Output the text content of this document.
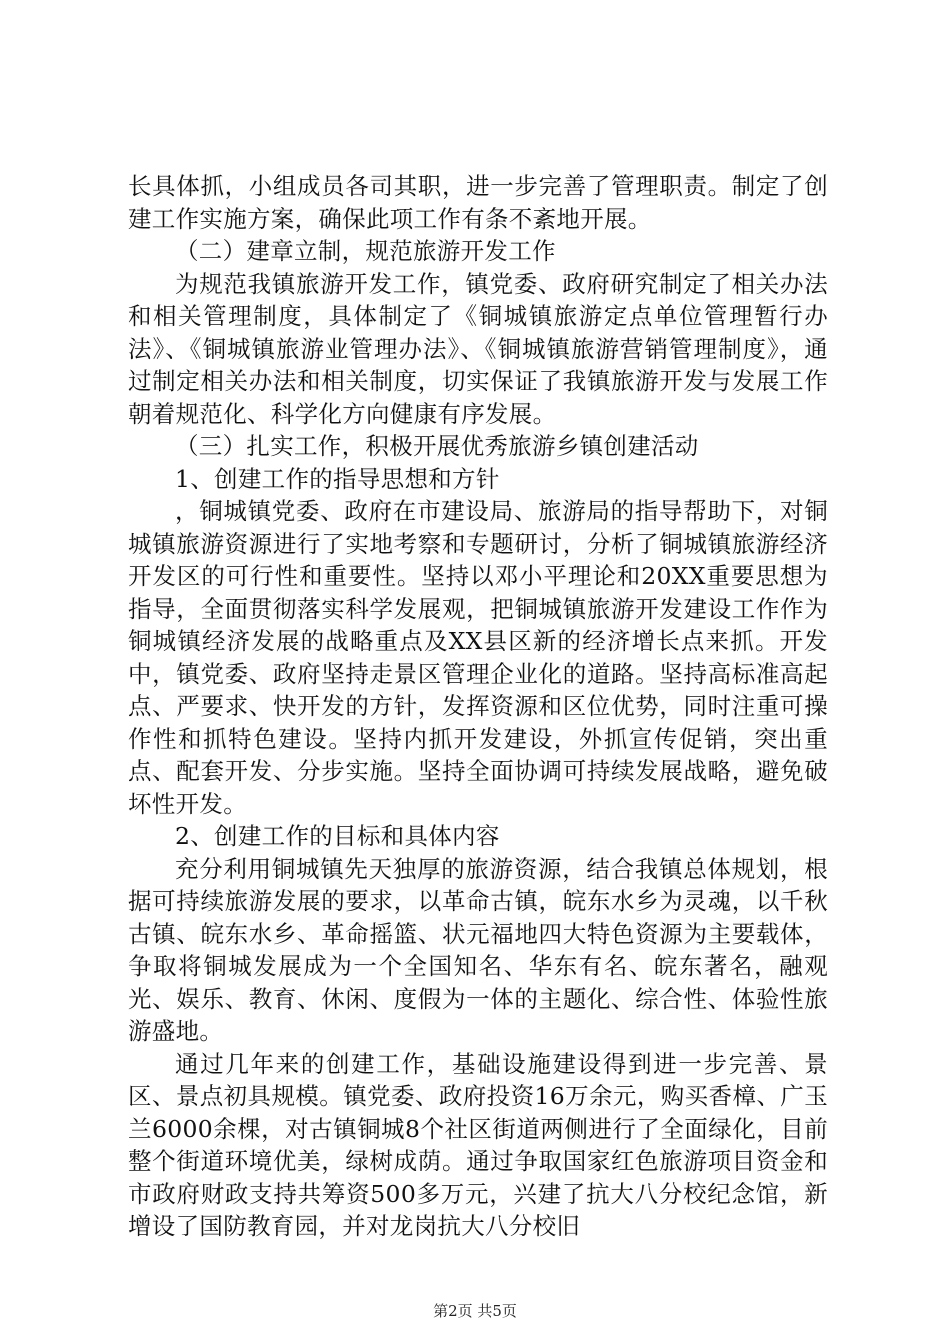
长具体抓，小组成员各司其职，进一步完善了管理职责。制定了创建工作实施方案，确保此项工作有条不紊地开展。

（二）建章立制，规范旅游开发工作

为规范我镇旅游开发工作，镇党委、政府研究制定了相关办法和相关管理制度，具体制定了《铜城镇旅游定点单位管理暂行办法》、《铜城镇旅游业管理办法》、《铜城镇旅游营销管理制度》，通过制定相关办法和相关制度，切实保证了我镇旅游开发与发展工作朝着规范化、科学化方向健康有序发展。

（三）扎实工作，积极开展优秀旅游乡镇创建活动

1、创建工作的指导思想和方针

，铜城镇党委、政府在市建设局、旅游局的指导帮助下，对铜城镇旅游资源进行了实地考察和专题研讨，分析了铜城镇旅游经济开发区的可行性和重要性。坚持以邓小平理论和20XX重要思想为指导，全面贯彻落实科学发展观，把铜城镇旅游开发建设工作作为铜城镇经济发展的战略重点及XX县区新的经济增长点来抓。开发中，镇党委、政府坚持走景区管理企业化的道路。坚持高标准高起点、严要求、快开发的方针，发挥资源和区位优势，同时注重可操作性和抓特色建设。坚持内抓开发建设，外抓宣传促销，突出重点、配套开发、分步实施。坚持全面协调可持续发展战略，避免破坏性开发。

2、创建工作的目标和具体内容

充分利用铜城镇先天独厚的旅游资源，结合我镇总体规划，根据可持续旅游发展的要求，以革命古镇，皖东水乡为灵魂，以千秋古镇、皖东水乡、革命摇篮、状元福地四大特色资源为主要载体，争取将铜城发展成为一个全国知名、华东有名、皖东著名，融观光、娱乐、教育、休闲、度假为一体的主题化、综合性、体验性旅游盛地。

通过几年来的创建工作，基础设施建设得到进一步完善、景区、景点初具规模。镇党委、政府投资16万余元，购买香樟、广玉兰6000余棵，对古镇铜城8个社区街道两侧进行了全面绿化，目前整个街道环境优美，绿树成荫。通过争取国家红色旅游项目资金和市政府财政支持共筹资500多万元，兴建了抗大八分校纪念馆，新增设了国防教育园，并对龙岗抗大八分校旧

第2页 共5页
